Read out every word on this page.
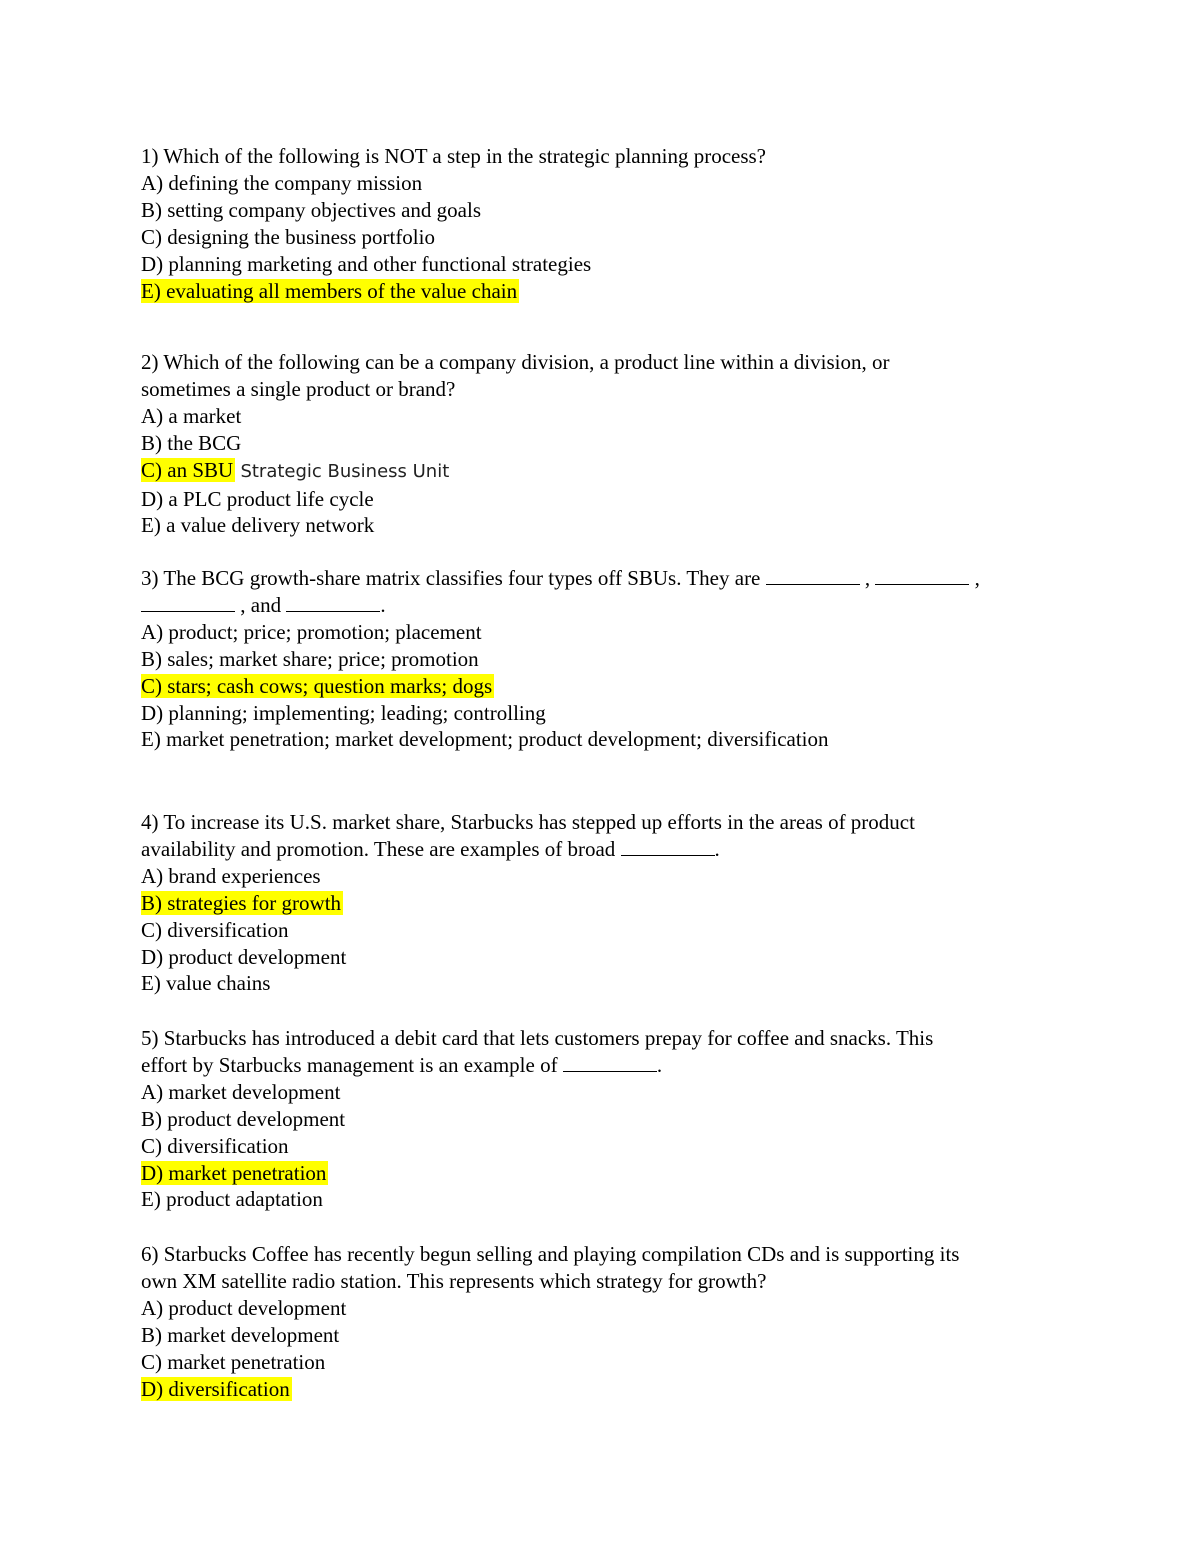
1) Which of the following is NOT a step in the strategic planning process?
A) defining the company mission
B) setting company objectives and goals
C) designing the business portfolio
D) planning marketing and other functional strategies
E) evaluating all members of the value chain
2) Which of the following can be a company division, a product line within a division, or
sometimes a single product or brand?
A) a market
B) the BCG
C) an SBU Strategic Business Unit
D) a PLC product life cycle
E) a value delivery network
3) The BCG growth-share matrix classifies four types off SBUs. They are	,	,
, and	.
A) product; price; promotion; placement
B) sales; market share; price; promotion
C) stars; cash cows; question marks; dogs
D) planning; implementing; leading; controlling
E) market penetration; market development; product development; diversification
4) To increase its U.S. market share, Starbucks has stepped up efforts in the areas of product
availability and promotion. These are examples of broad	.
A) brand experiences
B) strategies for growth
C) diversification
D) product development
E) value chains
5) Starbucks has introduced a debit card that lets customers prepay for coffee and snacks. This
effort by Starbucks management is an example of	.
A) market development
B) product development
C) diversification
D) market penetration
E) product adaptation
6) Starbucks Coffee has recently begun selling and playing compilation CDs and is supporting its
own XM satellite radio station. This represents which strategy for growth?
A) product development
B) market development
C) market penetration
D) diversification
